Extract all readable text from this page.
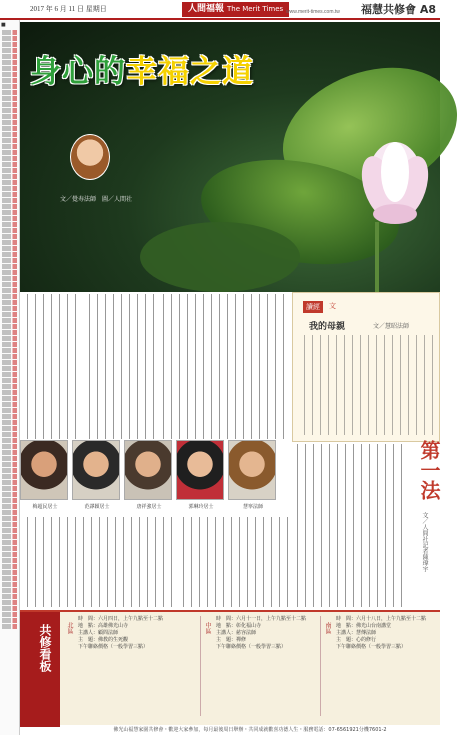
2017 年 6 月 11 日 星期日	人間福報 The Merit Times www.merit-times.com.tw 福慧共修會 A8
■
身心的幸福之道
文／覺寿法師　圖／人間社
讀經	文
我的母親	文／慧昭法師
第一法
文／人間社記者陳瑋宇
梅超民居士	范譯穎居士	唐祥強居士	郭琳玲居士	慧寧法師
共修看板 北區
時　間：六月四日，上午九點至十二點
地　點：高雄佛光山寺
主講人：顧問法師
主　題：佛教的生死觀
下午聯絡價格（一般學習三點）
中區
時　間：六月十一日，上午九點至十二點
地　點：彰化福山寺
主講人：慈容法師
主　題：禪修
下午聯絡價格（一般學習三點）
南區
時　間：六月十八日，上午九點至十二點
地　點：佛光山台南講堂
主講人：慧傳法師
主　題：心的修行
下午聯絡價格（一般學習三點）
佛光山福慧家園共修會・歡迎大家參加，每月最後周日舉辦・共同成就歡喜功德人生・服務電話：07-6561921分機7601-2
